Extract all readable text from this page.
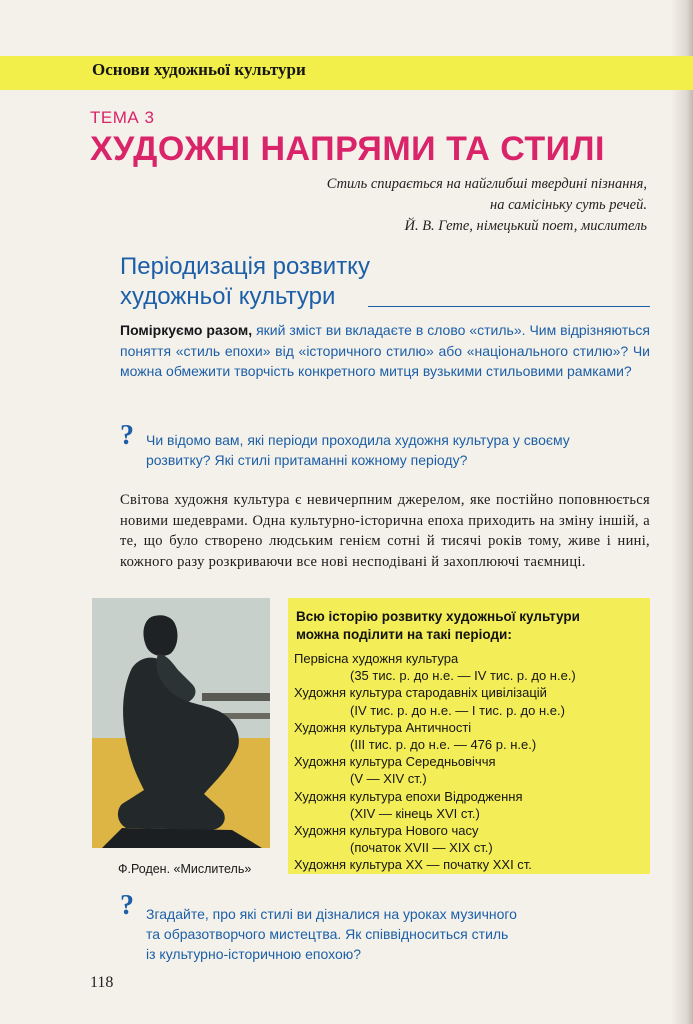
Основи художньої культури
ТЕМА 3
ХУДОЖНІ НАПРЯМИ ТА СТИЛІ
Стиль спирається на найглибші твердині пізнання,
на самісіньку суть речей.
Й. В. Гете, німецький поет, мислитель
Періодизація розвитку
художньої культури
Поміркуємо разом, який зміст ви вкладаєте в слово «стиль». Чим відрізняються поняття «стиль епохи» від «історичного стилю» або «національного стилю»? Чи можна обмежити творчість конкретного митця вузькими стильовими рамками?
? Чи відомо вам, які періоди проходила художня культура у своєму
розвитку? Які стилі притаманні кожному періоду?
Світова художня культура є невичерпним джерелом, яке постійно поповнюється новими шедеврами. Одна культурно-історична епоха приходить на зміну іншій, а те, що було створено людським генієм сотні й тисячі років тому, живе і нині, кожного разу розкриваючи все нові несподівані й захоплюючі таємниці.
Ф.Роден. «Мислитель»
Всю історію розвитку художньої культури
можна поділити на такі періоди:
Первісна художня культура
(35 тис. р. до н.е. — IV тис. р. до н.е.)
Художня культура стародавніх цивілізацій
(IV тис. р. до н.е. — I тис. р. до н.е.)
Художня культура Античності
(III тис. р. до н.е. — 476 р. н.е.)
Художня культура Середньовіччя
(V — XIV ст.)
Художня культура епохи Відродження
(XIV — кінець XVI ст.)
Художня культура Нового часу
(початок XVII — XIX ст.)
Художня культура XX — початку XXI ст.
? Згадайте, про які стилі ви дізналися на уроках музичного
та образотворчого мистецтва. Як співвідноситься стиль
із культурно-історичною епохою?
118
